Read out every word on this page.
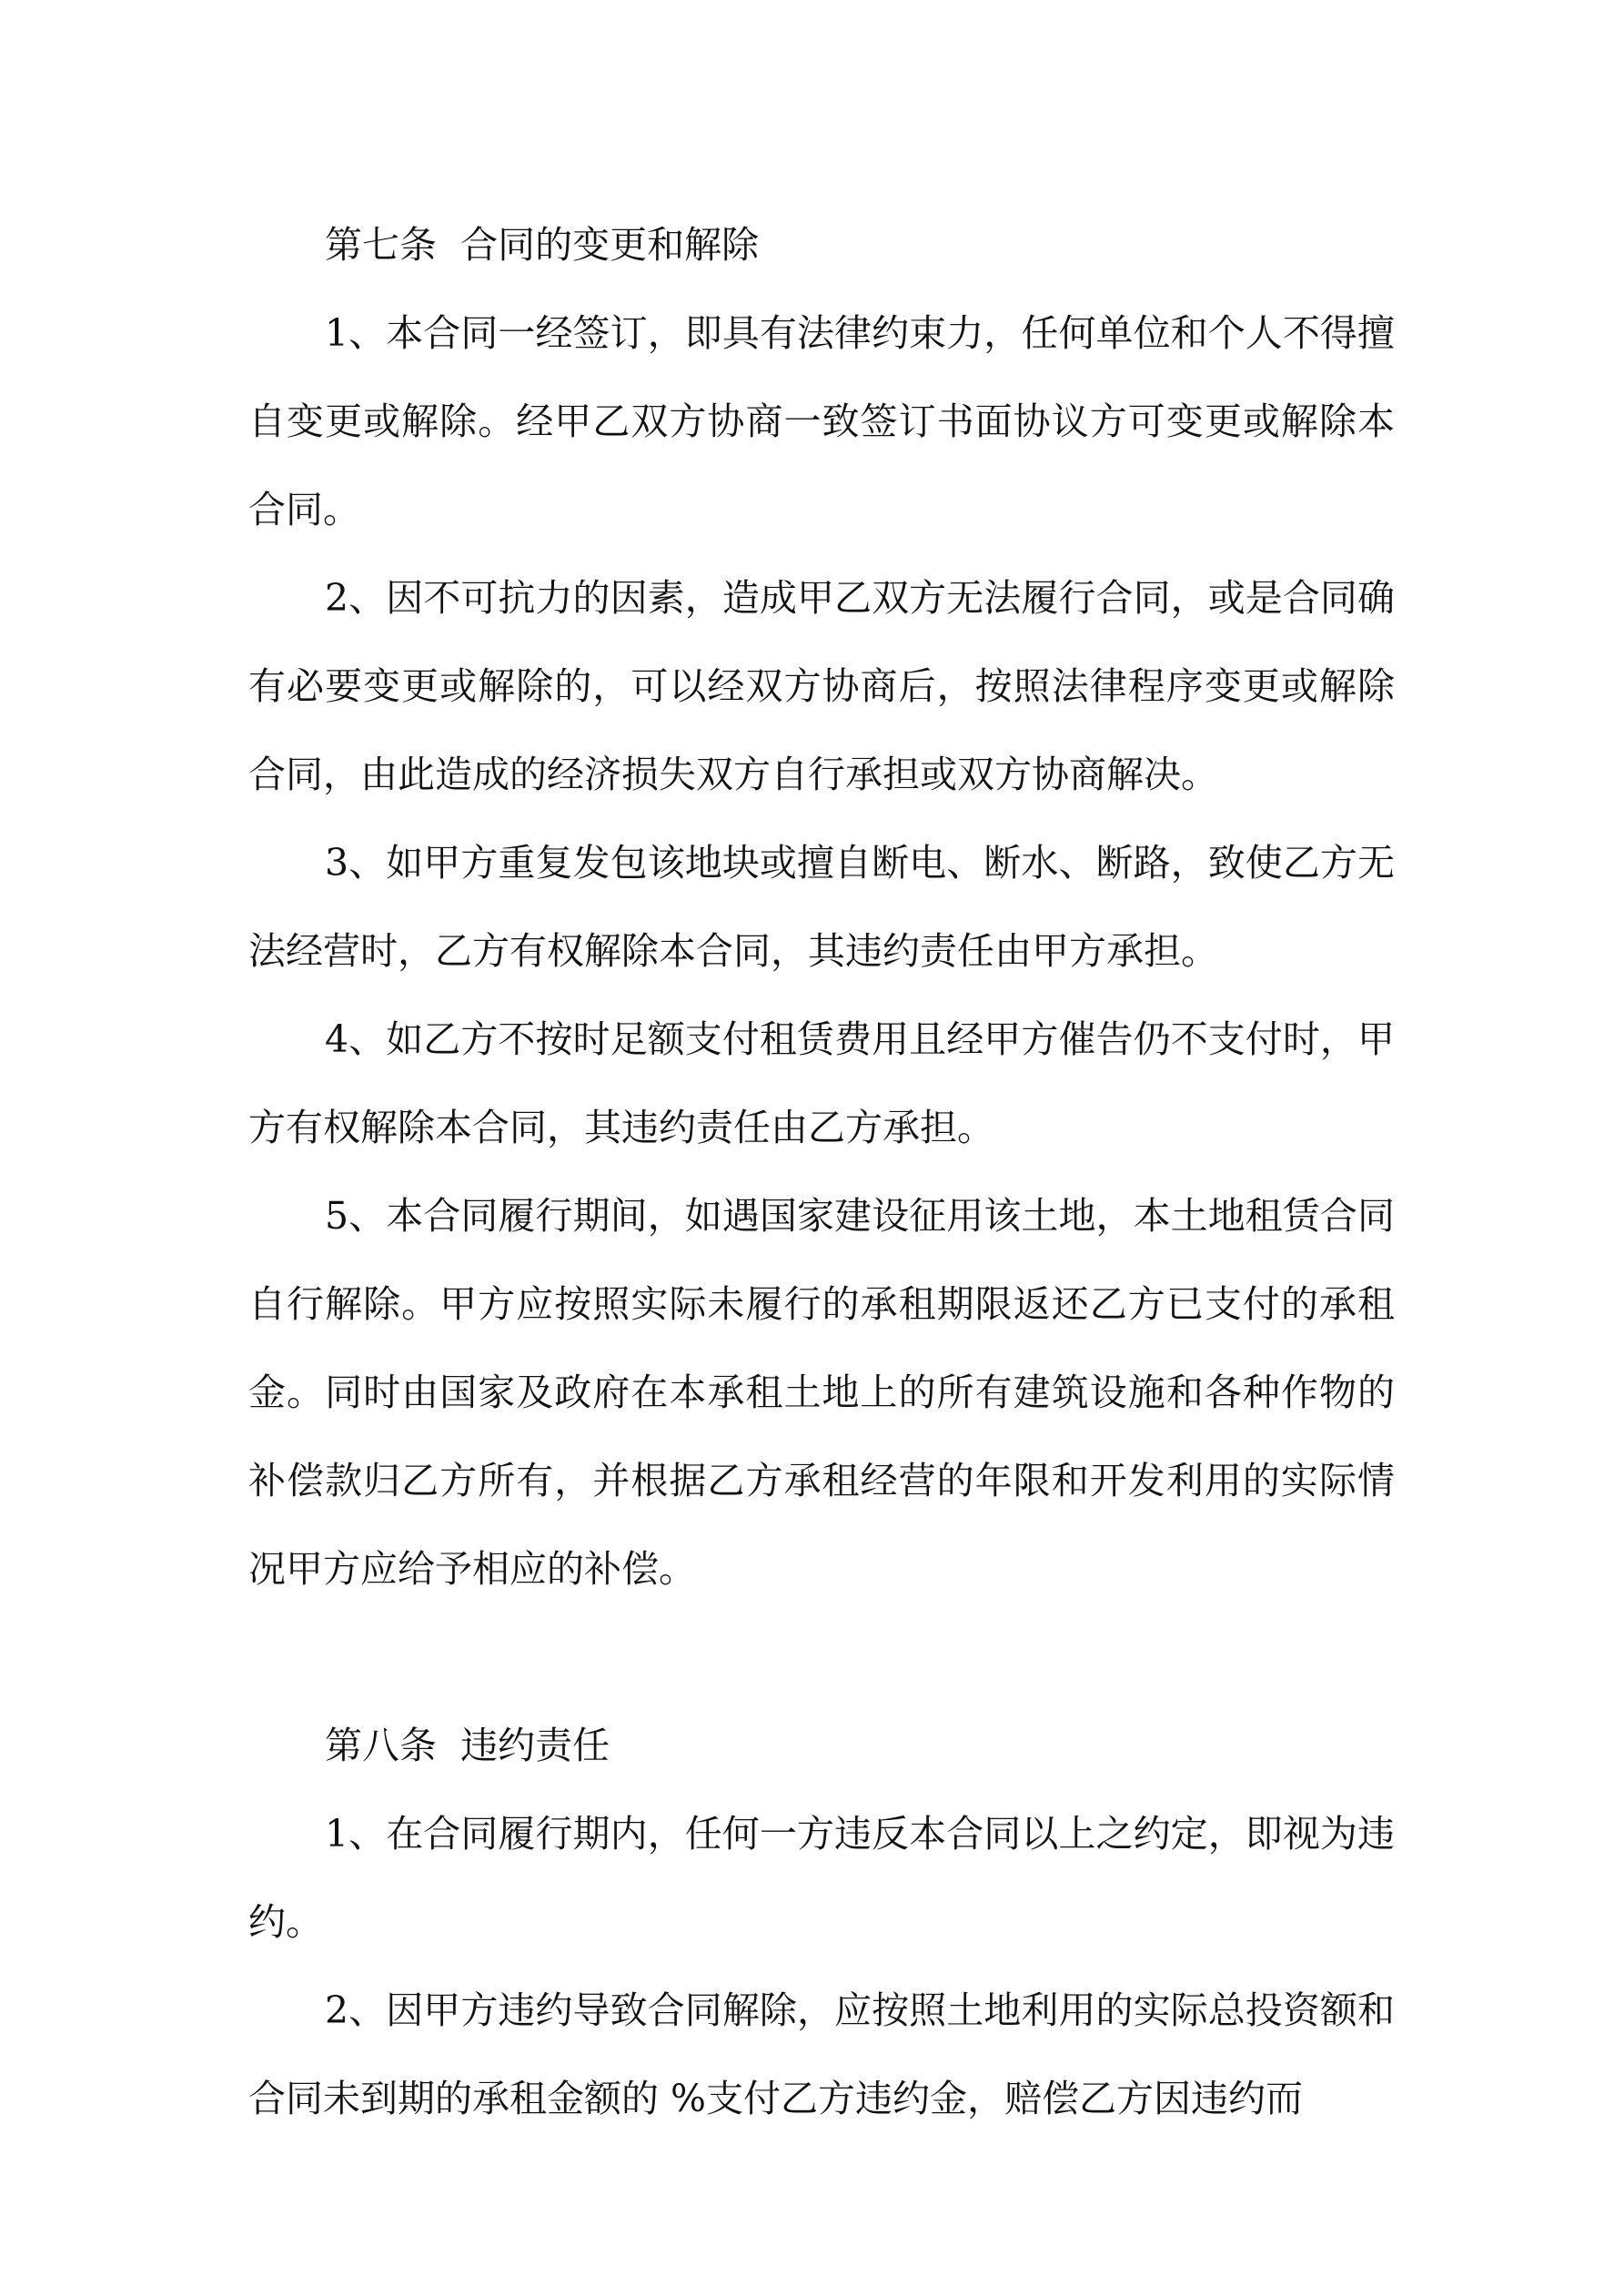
第七条  合同的变更和解除

1、本合同一经签订，即具有法律约束力，任何单位和个人不得擅自变更或解除。经甲乙双方协商一致签订书面协议方可变更或解除本合同。

2、因不可抗力的因素，造成甲乙双方无法履行合同，或是合同确有必要变更或解除的，可以经双方协商后，按照法律程序变更或解除合同，由此造成的经济损失双方自行承担或双方协商解决。

3、如甲方重复发包该地块或擅自断电、断水、断路，致使乙方无法经营时，乙方有权解除本合同，其违约责任由甲方承担。

4、如乙方不按时足额支付租赁费用且经甲方催告仍不支付时，甲方有权解除本合同，其违约责任由乙方承担。

5、本合同履行期间，如遇国家建设征用该土地，本土地租赁合同自行解除。甲方应按照实际未履行的承租期限返还乙方已支付的承租金。同时由国家及政府在本承租土地上的所有建筑设施和各种作物的补偿款归乙方所有，并根据乙方承租经营的年限和开发利用的实际情况甲方应给予相应的补偿。

第八条  违约责任

1、在合同履行期内，任何一方违反本合同以上之约定，即视为违约。

2、因甲方违约导致合同解除，应按照土地利用的实际总投资额和合同未到期的承租金额的 %支付乙方违约金，赔偿乙方因违约而
